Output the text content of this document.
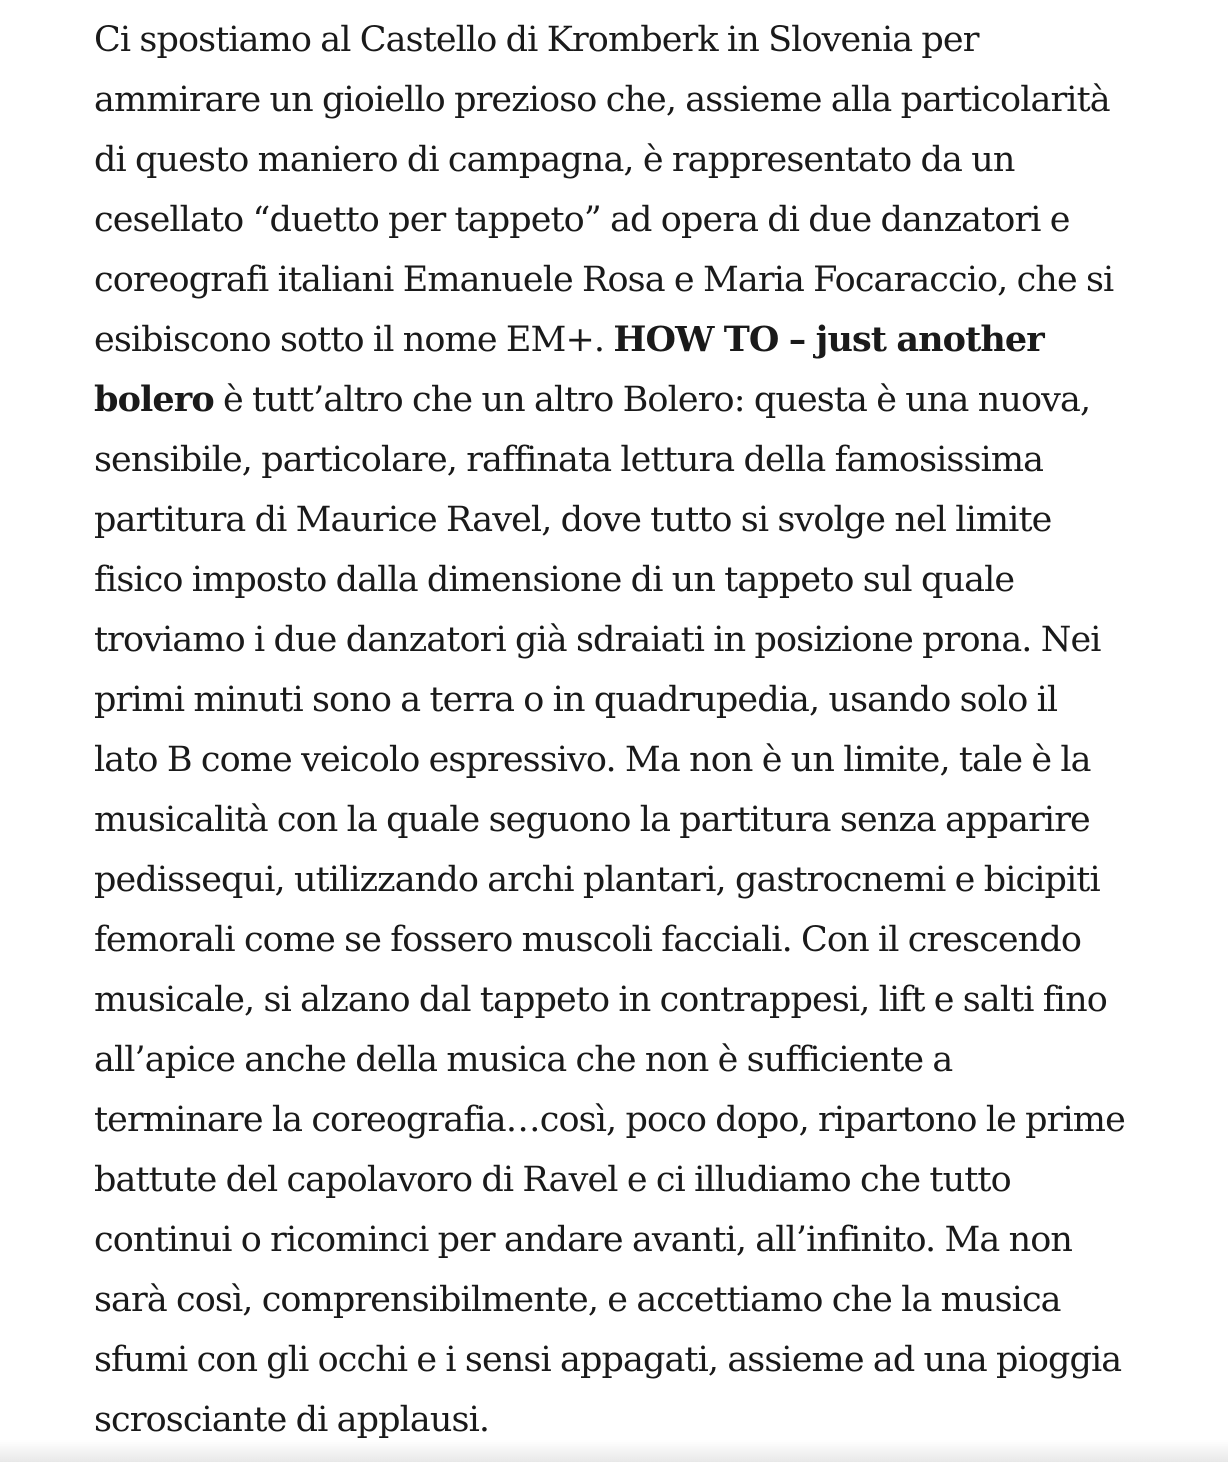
Ci spostiamo al Castello di Kromberk in Slovenia per
ammirare un gioiello prezioso che, assieme alla particolarità
di questo maniero di campagna, è rappresentato da un
cesellato “duetto per tappeto” ad opera di due danzatori e
coreografi italiani Emanuele Rosa e Maria Focaraccio, che si
esibiscono sotto il nome EM+. HOW TO – just another
bolero è tutt’altro che un altro Bolero: questa è una nuova,
sensibile, particolare, raffinata lettura della famosissima
partitura di Maurice Ravel, dove tutto si svolge nel limite
fisico imposto dalla dimensione di un tappeto sul quale
troviamo i due danzatori già sdraiati in posizione prona. Nei
primi minuti sono a terra o in quadrupedia, usando solo il
lato B come veicolo espressivo. Ma non è un limite, tale è la
musicalità con la quale seguono la partitura senza apparire
pedissequi, utilizzando archi plantari, gastrocnemi e bicipiti
femorali come se fossero muscoli facciali. Con il crescendo
musicale, si alzano dal tappeto in contrappesi, lift e salti fino
all’apice anche della musica che non è sufficiente a
terminare la coreografia…così, poco dopo, ripartono le prime
battute del capolavoro di Ravel e ci illudiamo che tutto
continui o ricominci per andare avanti, all’infinito. Ma non
sarà così, comprensibilmente, e accettiamo che la musica
sfumi con gli occhi e i sensi appagati, assieme ad una pioggia
scrosciante di applausi.
